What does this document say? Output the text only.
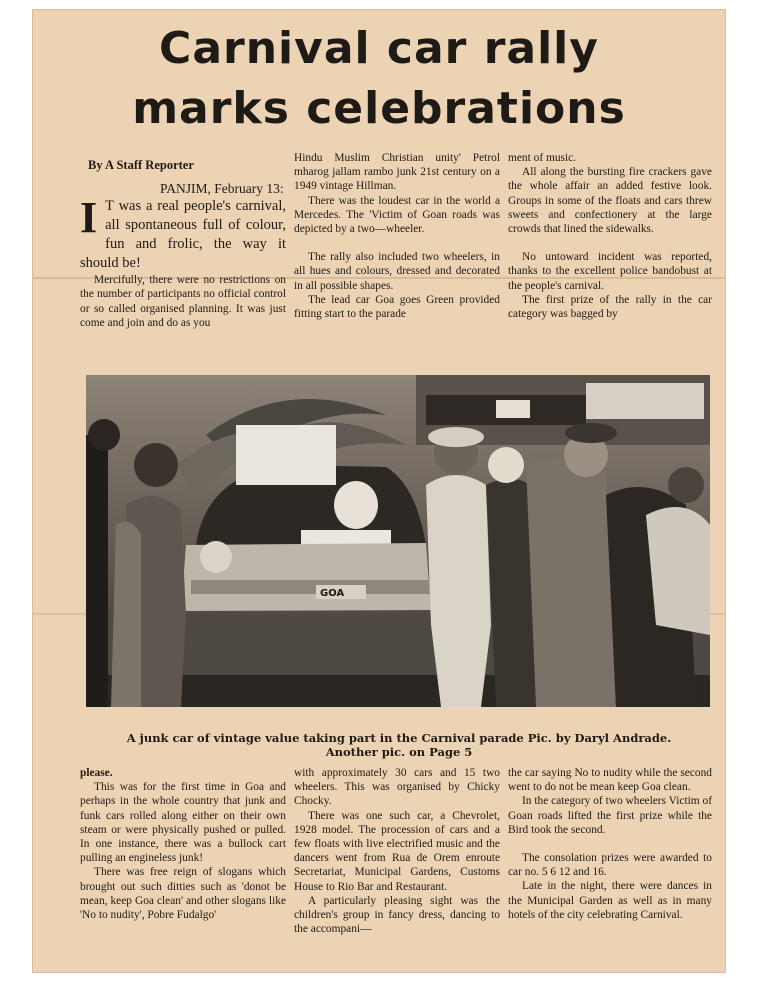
Carnival car rally
marks celebrations

By A Staff Reporter

PANJIM, February 13:

I T was a real people's carnival, all spontaneous full of colour, fun and frolic, the way it should be!

Mercifully, there were no restrictions on the number of participants no official control or so called organised planning. It was just come and join and do as you

Hindu Muslim Christian unity' Petrol mharog jallam rambo junk 21st century on a 1949 vintage Hillman.

There was the loudest car in the world a Mercedes. The 'Victim of Goan roads was depicted by a two—wheeler.

The rally also included two wheelers, in all hues and colours, dressed and decorated in all possible shapes.

The lead car Goa goes Green provided fitting start to the parade

ment of music.

All along the bursting fire crackers gave the whole affair an added festive look. Groups in some of the floats and cars threw sweets and confectionery at the large crowds that lined the sidewalks.

No untoward incident was reported, thanks to the excellent police bandobust at the people's carnival.

The first prize of the rally in the car category was bagged by

GOA
A junk car of vintage value taking part in the Carnival parade Pic. by Daryl Andrade.
Another pic. on Page 5

please.

This was for the first time in Goa and perhaps in the whole country that junk and funk cars rolled along either on their own steam or were physically pushed or pulled. In one instance, there was a bullock cart pulling an engineless junk!

There was free reign of slogans which brought out such ditties such as 'donot be mean, keep Goa clean' and other slogans like 'No to nudity', Pobre Fudalgo'

with approximately 30 cars and 15 two wheelers. This was organised by Chicky Chocky.

There was one such car, a Chevrolet, 1928 model. The procession of cars and a few floats with live electrified music and the dancers went from Rua de Orem enroute Secretariat, Municipal Gardens, Customs House to Rio Bar and Restaurant.

A particularly pleasing sight was the children's group in fancy dress, dancing to the accompani—

the car saying No to nudity while the second went to do not be mean keep Goa clean.

In the category of two wheelers Victim of Goan roads lifted the first prize while the Bird took the second.

The consolation prizes were awarded to car no. 5 6 12 and 16.

Late in the night, there were dances in the Municipal Garden as well as in many hotels of the city celebrating Carnival.
